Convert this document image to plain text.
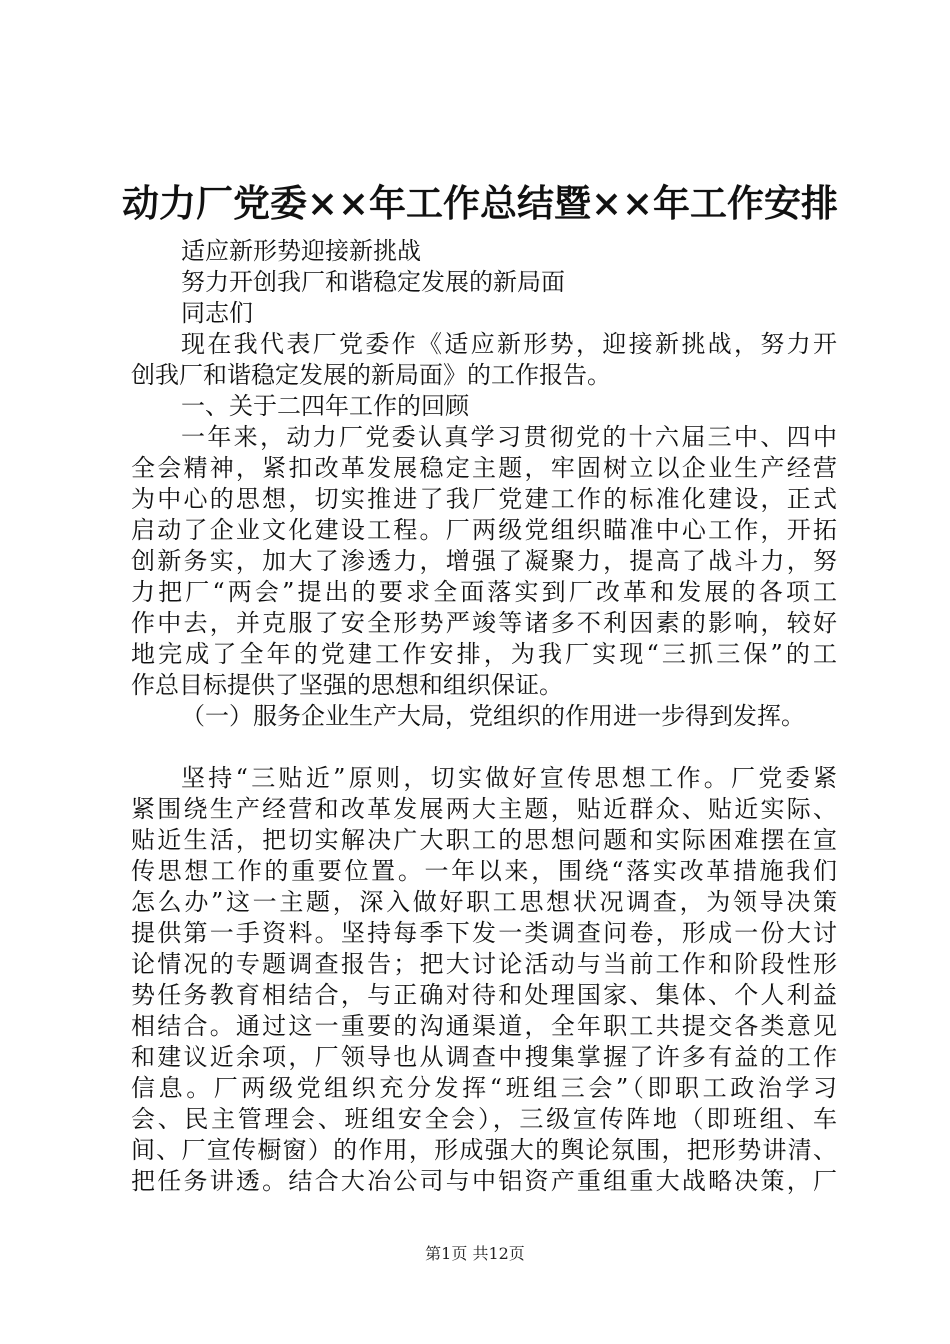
动力厂党委××年工作总结暨××年工作安排
适应新形势迎接新挑战
努力开创我厂和谐稳定发展的新局面
同志们
现在我代表厂党委作《适应新形势，迎接新挑战，努力开
创我厂和谐稳定发展的新局面》的工作报告。
一、关于二四年工作的回顾
一年来，动力厂党委认真学习贯彻党的十六届三中、四中
全会精神，紧扣改革发展稳定主题，牢固树立以企业生产经营
为中心的思想，切实推进了我厂党建工作的标准化建设，正式
启动了企业文化建设工程。厂两级党组织瞄准中心工作，开拓
创新务实，加大了渗透力，增强了凝聚力，提高了战斗力，努
力把厂“两会”提出的要求全面落实到厂改革和发展的各项工
作中去，并克服了安全形势严竣等诸多不利因素的影响，较好
地完成了全年的党建工作安排，为我厂实现“三抓三保”的工
作总目标提供了坚强的思想和组织保证。
（一）服务企业生产大局，党组织的作用进一步得到发挥。
坚持“三贴近”原则，切实做好宣传思想工作。厂党委紧
紧围绕生产经营和改革发展两大主题，贴近群众、贴近实际、
贴近生活，把切实解决广大职工的思想问题和实际困难摆在宣
传思想工作的重要位置。一年以来，围绕“落实改革措施我们
怎么办”这一主题，深入做好职工思想状况调查，为领导决策
提供第一手资料。坚持每季下发一类调查问卷，形成一份大讨
论情况的专题调查报告；把大讨论活动与当前工作和阶段性形
势任务教育相结合，与正确对待和处理国家、集体、个人利益
相结合。通过这一重要的沟通渠道，全年职工共提交各类意见
和建议近余项，厂领导也从调查中搜集掌握了许多有益的工作
信息。厂两级党组织充分发挥“班组三会”（即职工政治学习
会、民主管理会、班组安全会），三级宣传阵地（即班组、车
间、厂宣传橱窗）的作用，形成强大的舆论氛围，把形势讲清、
把任务讲透。结合大冶公司与中铝资产重组重大战略决策，厂
第1页 共12页
